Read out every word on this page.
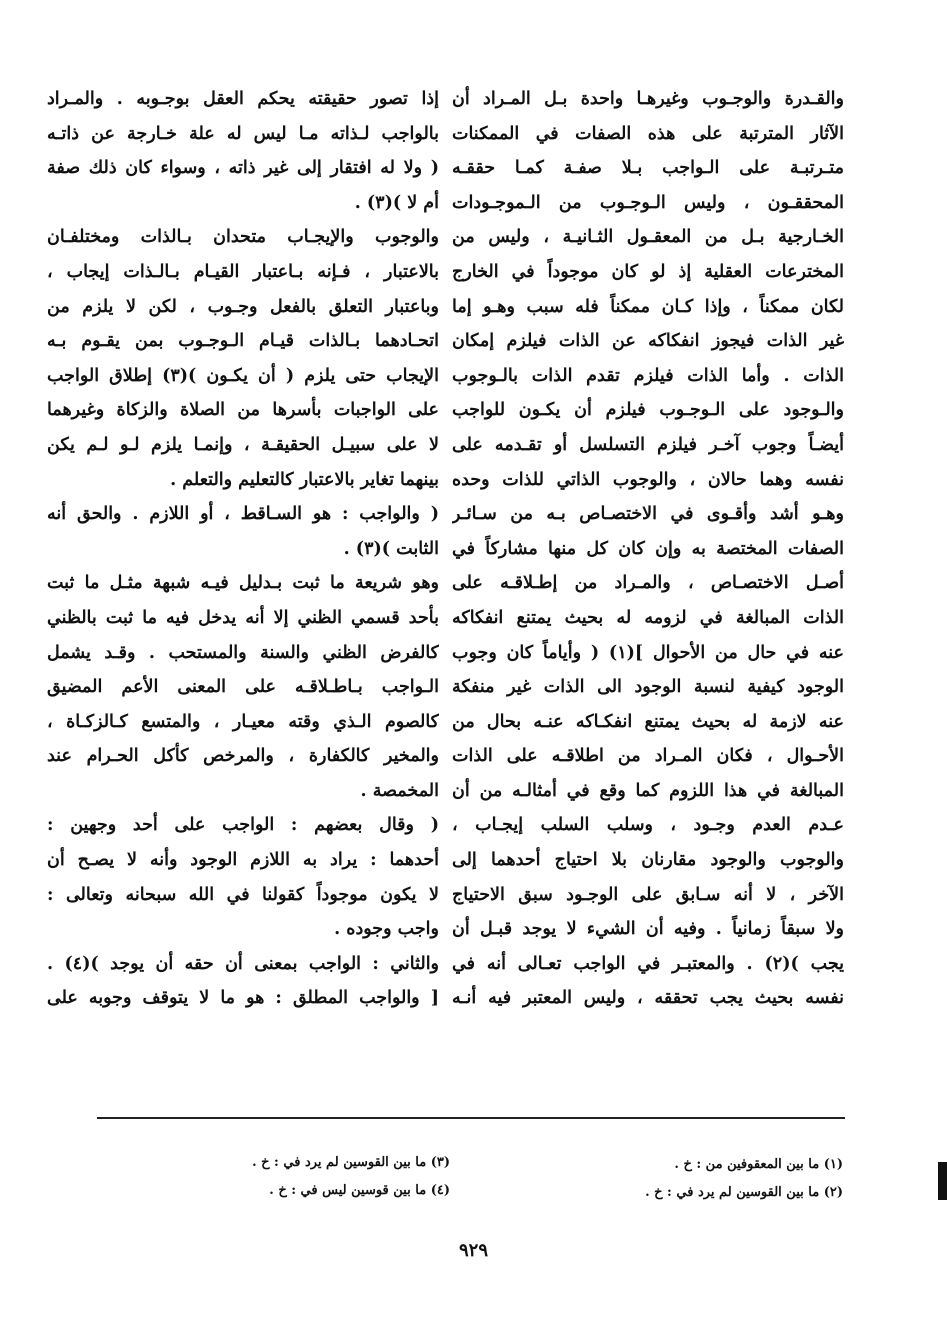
والقـدرة والوجـوب وغيرهـا واحدة بـل المـراد أن
الآثار المترتبة على هذه الصفات في الممكنات
متـرتبـة على الـواجب بـلا صفـة كمـا حققـه
المحققـون ، وليس الـوجـوب من الـموجـودات
الخـارجية بـل من المعقـول الثـانيـة ، وليس من
المخترعات العقلية إذ لو كان موجوداً في الخارج
لكان ممكناً ، وإذا كـان ممكناً فله سبب وهـو إما
غير الذات فيجوز انفكاكه عن الذات فيلزم إمكان
الذات . وأما الذات فيلزم تقدم الذات بالـوجوب
والـوجود على الـوجـوب فيلزم أن يكـون للواجب
أيضـاً وجوب آخـر فيلزم التسلسل أو تقـدمه على
نفسه وهما حالان ، والوجوب الذاتي للذات وحده
وهـو أشد وأقـوى في الاختصـاص بـه من سـائـر
الصفات المختصة به وإن كان كل منها مشاركاً في
أصـل الاختصـاص ، والمـراد من إطـلاقـه على
الذات المبالغة في لزومه له بحيث يمتنع انفكاكه
عنه في حال من الأحوال ](١) ( وأياماً كان وجوب
الوجود كيفية لنسبة الوجود الى الذات غير منفكة
عنه لازمة له بحيث يمتنع انفكـاكه عنـه بحال من
الأحـوال ، فكان المـراد من اطلاقـه على الذات
المبالغة في هذا اللزوم كما وقع في أمثالـه من أن
عـدم العدم وجـود ، وسلب السلب إيجـاب ،
والوجوب والوجود مقارنان بلا احتياج أحدهما إلى
الآخر ، لا أنه سـابق على الوجـود سبق الاحتياج
ولا سبقاً زمانياً . وفيه أن الشيء لا يوجد قبـل أن
يجب )(٢) . والمعتبـر في الواجب تعـالى أنه في
نفسه بحيث يجب تحققه ، وليس المعتبر فيه أنـه
إذا تصور حقيقته يحكم العقل بوجـوبه . والمـراد
بالواجب لـذاته مـا ليس له علة خـارجة عن ذاتـه
( ولا له افتقار إلى غير ذاته ، وسواء كان ذلك صفة
أم لا )(٣) .
والوجوب والإيجـاب متحدان بـالذات ومختلفـان
بالاعتبار ، فـإنه بـاعتبار القيـام بـالـذات إيجاب ،
وباعتبار التعلق بالفعل وجـوب ، لكن لا يلزم من
اتحـادهما بـالذات قيـام الـوجـوب بمن يقـوم بـه
الإيجاب حتى يلزم ( أن يكـون )(٣) إطلاق الواجب
على الواجبات بأسرها من الصلاة والزكاة وغيرهما
لا على سبيـل الحقيقـة ، وإنمـا يلزم لـو لـم يكن
بينهما تغاير بالاعتبار كالتعليم والتعلم .
( والواجب : هو السـاقط ، أو اللازم . والحق أنه
الثابت )(٣) .
وهو شريعة ما ثبت بـدليل فيـه شبهة مثـل ما ثبت
بأحد قسمي الظني إلا أنه يدخل فيه ما ثبت بالظني
كالفرض الظني والسنة والمستحب . وقـد يشمل
الـواجب بـاطـلاقـه على المعنى الأعم المضيق
كالصوم الـذي وقته معيـار ، والمتسع كـالزكـاة ،
والمخير كالكفارة ، والمرخص كأكل الحـرام عند
المخمصة .
( وقال بعضهم : الواجب على أحد وجهين :
أحدهما : يراد به اللازم الوجود وأنه لا يصـح أن
لا يكون موجوداً كقولنا في الله سبحانه وتعالى :
واجب وجوده .
والثاني : الواجب بمعنى أن حقه أن يوجد )(٤) .
[ والواجب المطلق : هو ما لا يتوقف وجوبه على
(١) ما بين المعقوفين من : خ .
(٢) ما بين القوسين لم يرد في : خ .
(٣) ما بين القوسين لم يرد في : خ .
(٤) ما بين قوسين ليس في : خ .
٩٢٩
